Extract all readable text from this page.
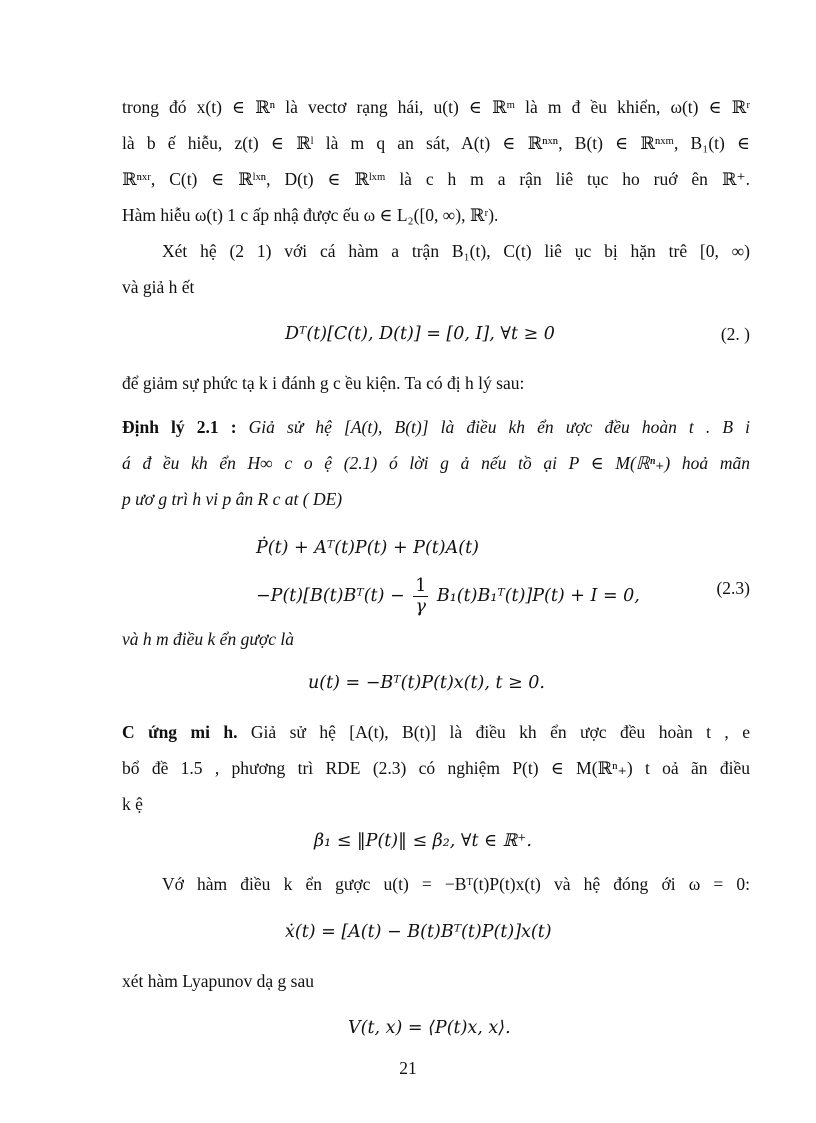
trong đó x(t) ∈ ℝⁿ là vectơ rạng hái, u(t) ∈ ℝᵐ là m đ ều khiển, ω(t) ∈ ℝʳ
là b ế hiễu, z(t) ∈ ℝˡ là m q an sát, A(t) ∈ ℝⁿˣⁿ, B(t) ∈ ℝⁿˣᵐ, B₁(t) ∈
ℝⁿˣʳ, C(t) ∈ ℝˡˣⁿ, D(t) ∈ ℝˡˣᵐ là c h m a rận liê tục ho ruớ ên ℝ⁺.
Hàm hiễu ω(t) 1 c ấp nhậ được ếu ω ∈ L₂([0, ∞), ℝʳ).
Xét hệ (2 1) với cá hàm a trận B₁(t), C(t) liê ục bị hặn trê [0, ∞)
và giả h ết
Dᵀ(t)[C(t), D(t)] = [0, I], ∀t ≥ 0	(2. )
để giảm sự phức tạ k i đánh g c ều kiện. Ta có đị h lý sau:
Định lý 2.1 : Giả sử hệ [A(t), B(t)] là điều kh ển ược đều hoàn t . B i
á đ ều kh ển H∞ c o ệ (2.1) ó lời g ả nếu tồ ại P ∈ M(ℝⁿ₊) hoả mãn
p ươ g trì h vi p ân R c at ( DE)
Ṗ(t) + Aᵀ(t)P(t) + P(t)A(t)
−P(t)[B(t)Bᵀ(t) − $\frac{1}{\gamma}$ B₁(t)B₁ᵀ(t)]P(t) + I = 0,	(2.3)
và h m điều k ển gược là
u(t) = −Bᵀ(t)P(t)x(t), t ≥ 0.
C ứng mi h. Giả sử hệ [A(t), B(t)] là điều kh ển ược đều hoàn t , e
bổ đề 1.5 , phương trì RDE (2.3) có nghiệm P(t) ∈ M(ℝⁿ₊) t oả ãn điều
k ệ
β₁ ≤ ‖P(t)‖ ≤ β₂, ∀t ∈ ℝ⁺.
Vớ hàm điều k ển gược u(t) = −Bᵀ(t)P(t)x(t) và hệ đóng ới ω = 0:
ẋ(t) = [A(t) − B(t)Bᵀ(t)P(t)]x(t)
xét hàm Lyapunov dạ g sau
V(t, x) = ⟨P(t)x, x⟩.
21
